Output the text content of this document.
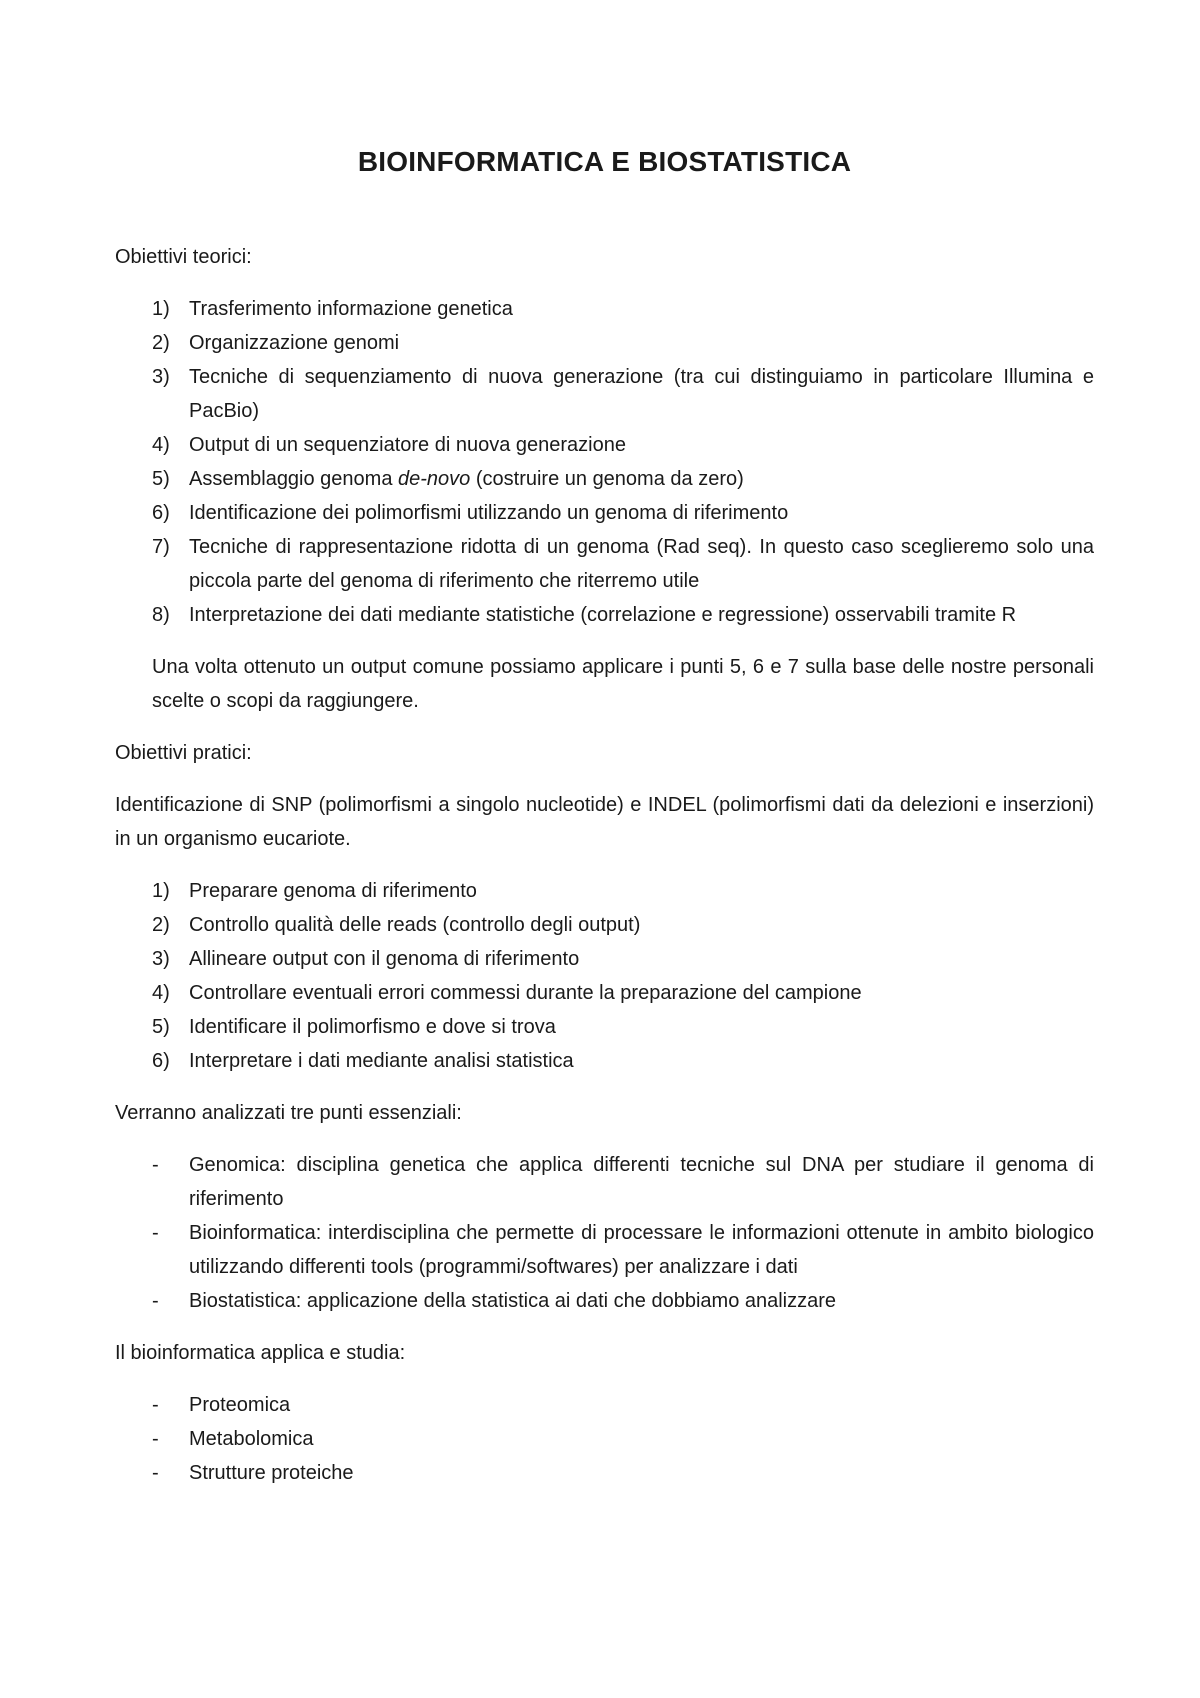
BIOINFORMATICA E BIOSTATISTICA

Obiettivi teorici:

1) Trasferimento informazione genetica
2) Organizzazione genomi
3) Tecniche di sequenziamento di nuova generazione (tra cui distinguiamo in particolare Illumina e PacBio)
4) Output di un sequenziatore di nuova generazione
5) Assemblaggio genoma de-novo (costruire un genoma da zero)
6) Identificazione dei polimorfismi utilizzando un genoma di riferimento
7) Tecniche di rappresentazione ridotta di un genoma (Rad seq). In questo caso sceglieremo solo una piccola parte del genoma di riferimento che riterremo utile
8) Interpretazione dei dati mediante statistiche (correlazione e regressione) osservabili tramite R

Una volta ottenuto un output comune possiamo applicare i punti 5, 6 e 7 sulla base delle nostre personali scelte o scopi da raggiungere.

Obiettivi pratici:

Identificazione di SNP (polimorfismi a singolo nucleotide) e INDEL (polimorfismi dati da delezioni e inserzioni) in un organismo eucariote.

1) Preparare genoma di riferimento
2) Controllo qualità delle reads (controllo degli output)
3) Allineare output con il genoma di riferimento
4) Controllare eventuali errori commessi durante la preparazione del campione
5) Identificare il polimorfismo e dove si trova
6) Interpretare i dati mediante analisi statistica

Verranno analizzati tre punti essenziali:

- Genomica: disciplina genetica che applica differenti tecniche sul DNA per studiare il genoma di riferimento
- Bioinformatica: interdisciplina che permette di processare le informazioni ottenute in ambito biologico utilizzando differenti tools (programmi/softwares) per analizzare i dati
- Biostatistica: applicazione della statistica ai dati che dobbiamo analizzare

Il bioinformatica applica e studia:

- Proteomica
- Metabolomica
- Strutture proteiche
